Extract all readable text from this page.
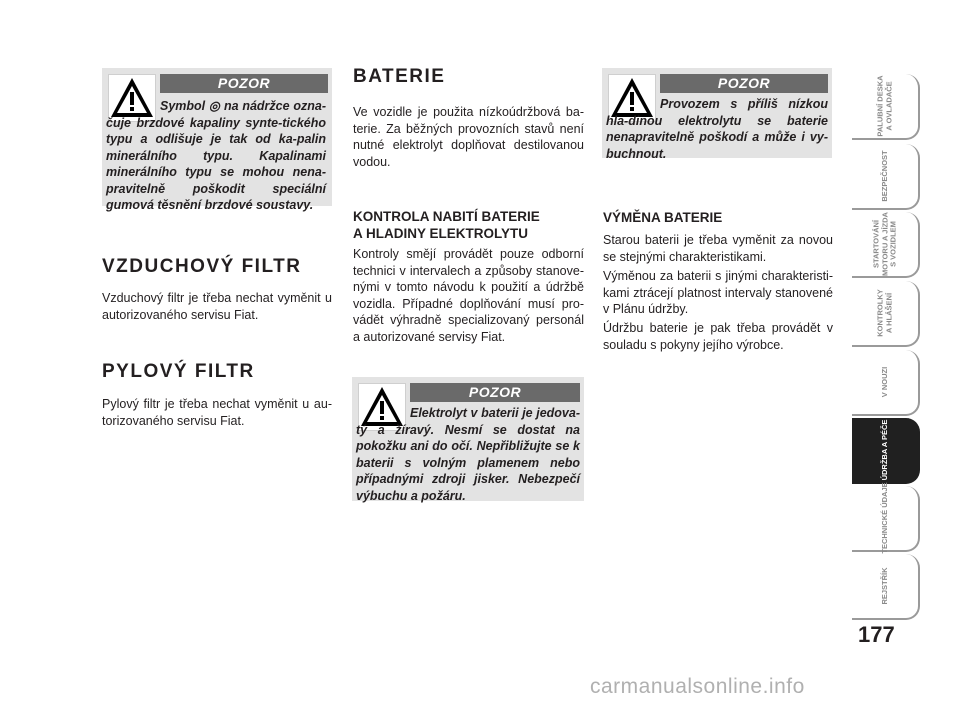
POZOR
Symbol ◎ na nádržce ozna-čuje brzdové kapaliny synte-tického typu a odlišuje je tak od ka-palin minerálního typu. Kapalinami minerálního typu se mohou nena-pravitelně poškodit speciální gumová těsnění brzdové soustavy.
VZDUCHOVÝ FILTR

Vzduchový filtr je třeba nechat vyměnit u autorizovaného servisu Fiat.

PYLOVÝ FILTR

Pylový filtr je třeba nechat vyměnit u au-torizovaného servisu Fiat.

BATERIE

Ve vozidle je použita nízkoúdržbová ba-terie. Za běžných provozních stavů není nutné elektrolyt doplňovat destilovanou vodou.

KONTROLA NABITÍ BATERIE
A HLADINY ELEKTROLYTU

Kontroly smějí provádět pouze odborní technici v intervalech a způsoby stanove-nými v tomto návodu k použití a údržbě vozidla. Případné doplňování musí pro-vádět výhradně specializovaný personál a autorizované servisy Fiat.

POZOR
Elektrolyt v baterii je jedova-tý a žíravý. Nesmí se dostat na pokožku ani do očí. Nepřibližujte se k baterii s volným plamenem nebo případnými zdroji jisker. Nebezpečí výbuchu a požáru.
POZOR
Provozem s příliš nízkou hla-dinou elektrolytu se baterie nenapravitelně poškodí a může i vy-buchnout.
VÝMĚNA BATERIE

Starou baterii je třeba vyměnit za novou se stejnými charakteristikami.

Výměnou za baterii s jinými charakteristi-kami ztrácejí platnost intervaly stanovené v Plánu údržby.

Údržbu baterie je pak třeba provádět v souladu s pokyny jejího výrobce.

PALUBNÍ DESKA
A OVLADAČE
BEZPEČNOST
STARTOVÁNÍ
MOTORU A JÍZDA
S VOZIDLEM
KONTROLKY
A HLÁŠENÍ
V NOUZI
ÚDRŽBA A PÉČE
TECHNICKÉ ÚDAJE
REJSTŘÍK
177
carmanualsonline.info
